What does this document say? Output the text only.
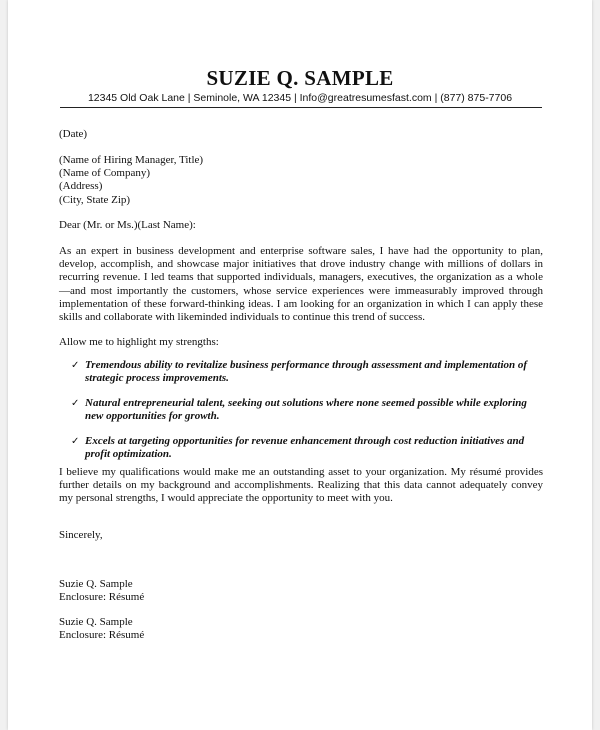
SUZIE Q. SAMPLE
12345 Old Oak Lane | Seminole, WA 12345 | Info@greatresumesfast.com | (877) 875-7706
(Date)
(Name of Hiring Manager, Title)
(Name of Company)
(Address)
(City, State Zip)
Dear (Mr. or Ms.)(Last Name):
As an expert in business development and enterprise software sales, I have had the opportunity to plan, develop, accomplish, and showcase major initiatives that drove industry change with millions of dollars in recurring revenue. I led teams that supported individuals, managers, executives, the organization as a whole—and most importantly the customers, whose service experiences were immeasurably improved through implementation of these forward-thinking ideas. I am looking for an organization in which I can apply these skills and collaborate with likeminded individuals to continue this trend of success.
Allow me to highlight my strengths:
✓ Tremendous ability to revitalize business performance through assessment and implementation of strategic process improvements.
✓ Natural entrepreneurial talent, seeking out solutions where none seemed possible while exploring new opportunities for growth.
✓ Excels at targeting opportunities for revenue enhancement through cost reduction initiatives and profit optimization.
I believe my qualifications would make me an outstanding asset to your organization. My résumé provides further details on my background and accomplishments. Realizing that this data cannot adequately convey my personal strengths, I would appreciate the opportunity to meet with you.
Sincerely,
Suzie Q. Sample
Enclosure: Résumé
Suzie Q. Sample
Enclosure: Résumé
